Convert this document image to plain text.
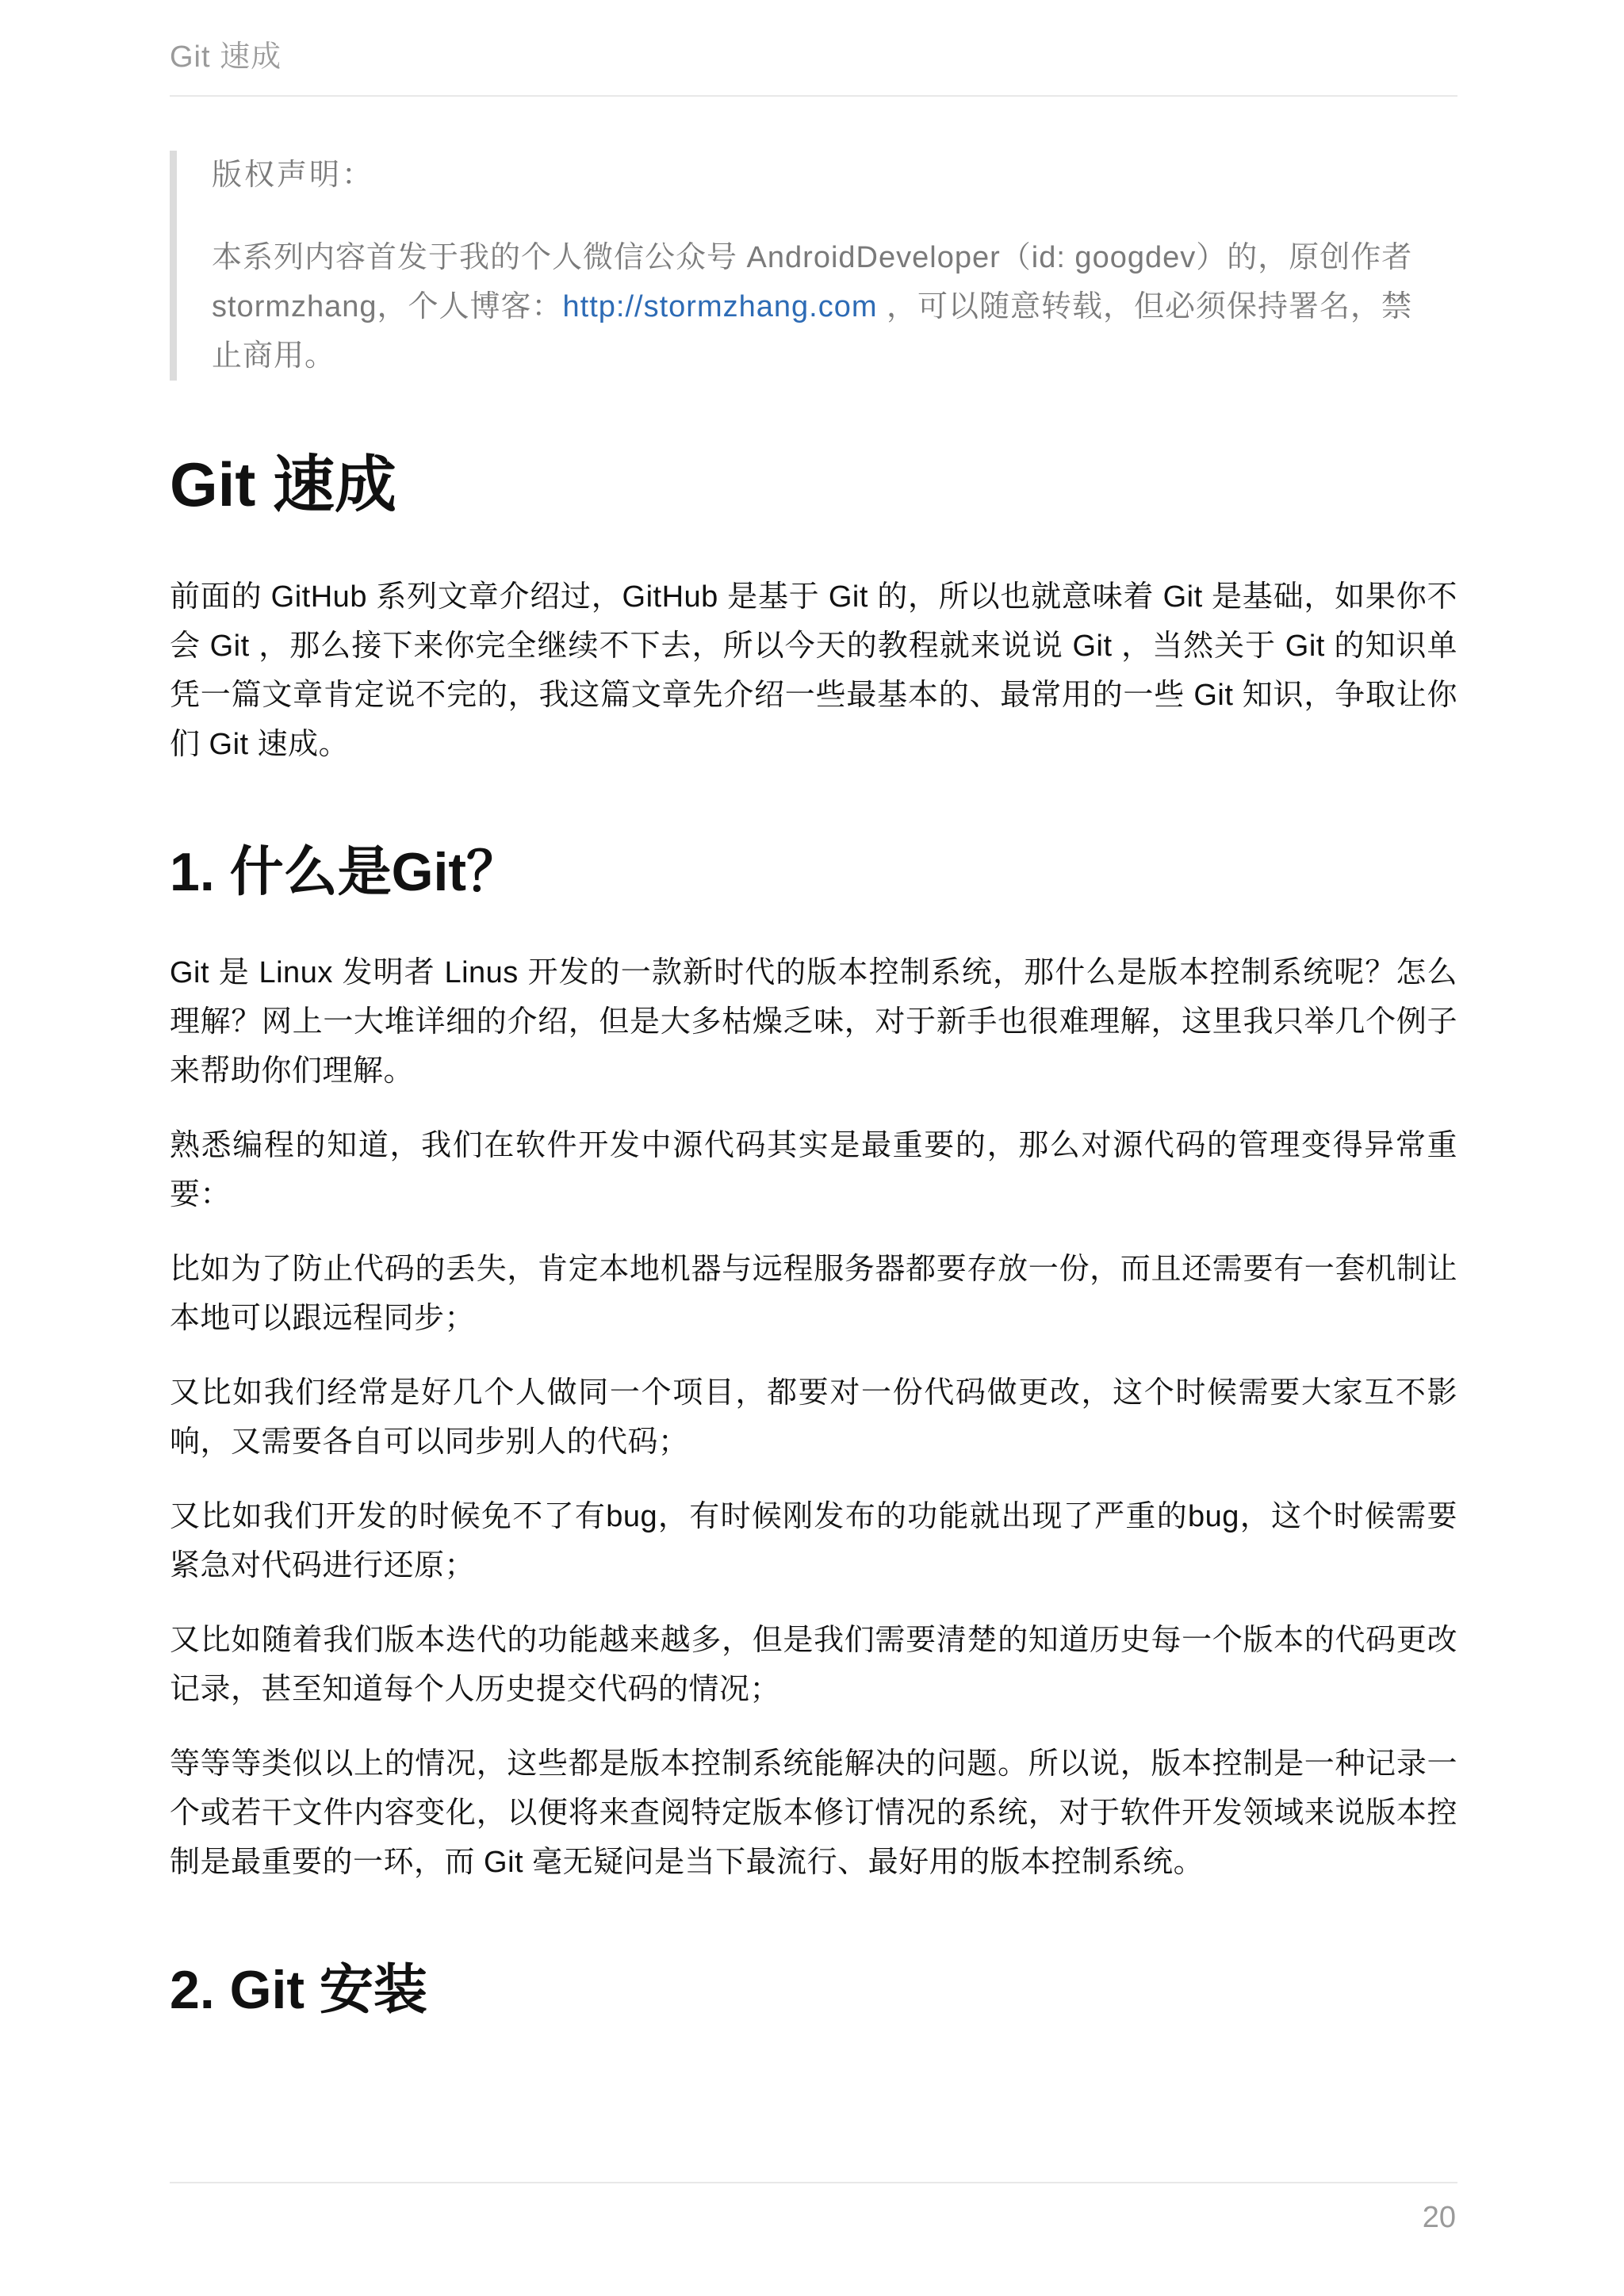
Git 速成

版权声明：

本系列内容首发于我的个人微信公众号 AndroidDeveloper（id: googdev）的，原创作者 stormzhang，个人博客：http://stormzhang.com ，可以随意转载，但必须保持署名，禁止商用。

Git 速成

前面的 GitHub 系列文章介绍过，GitHub 是基于 Git 的，所以也就意味着 Git 是基础，如果你不会 Git ，那么接下来你完全继续不下去，所以今天的教程就来说说 Git ，当然关于 Git 的知识单凭一篇文章肯定说不完的，我这篇文章先介绍一些最基本的、最常用的一些 Git 知识，争取让你们 Git 速成。

1. 什么是Git？

Git 是 Linux 发明者 Linus 开发的一款新时代的版本控制系统，那什么是版本控制系统呢？怎么理解？网上一大堆详细的介绍，但是大多枯燥乏味，对于新手也很难理解，这里我只举几个例子来帮助你们理解。

熟悉编程的知道，我们在软件开发中源代码其实是最重要的，那么对源代码的管理变得异常重要：

比如为了防止代码的丢失，肯定本地机器与远程服务器都要存放一份，而且还需要有一套机制让本地可以跟远程同步；

又比如我们经常是好几个人做同一个项目，都要对一份代码做更改，这个时候需要大家互不影响，又需要各自可以同步别人的代码；

又比如我们开发的时候免不了有bug，有时候刚发布的功能就出现了严重的bug，这个时候需要紧急对代码进行还原；

又比如随着我们版本迭代的功能越来越多，但是我们需要清楚的知道历史每一个版本的代码更改记录，甚至知道每个人历史提交代码的情况；

等等等类似以上的情况，这些都是版本控制系统能解决的问题。所以说，版本控制是一种记录一个或若干文件内容变化，以便将来查阅特定版本修订情况的系统，对于软件开发领域来说版本控制是最重要的一环，而 Git 毫无疑问是当下最流行、最好用的版本控制系统。

2. Git 安装
20
